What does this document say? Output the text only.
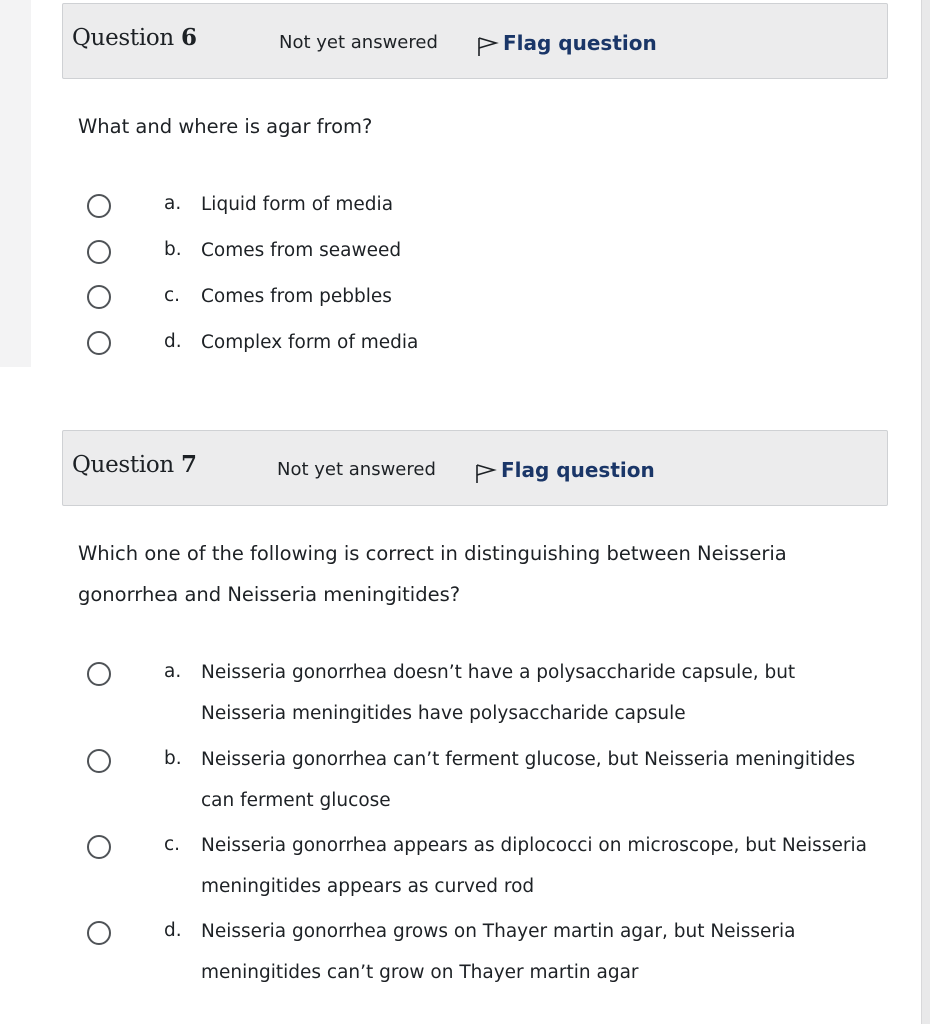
Question 6	Not yet answered	Flag question
What and where is agar from?
a. Liquid form of media
b. Comes from seaweed
c. Comes from pebbles
d. Complex form of media
Question 7	Not yet answered	Flag question
Which one of the following is correct in distinguishing between Neisseria gonorrhea and Neisseria meningitides?
a. Neisseria gonorrhea doesn’t have a polysaccharide capsule, but Neisseria meningitides have polysaccharide capsule
b. Neisseria gonorrhea can’t ferment glucose, but Neisseria meningitides can ferment glucose
c. Neisseria gonorrhea appears as diplococci on microscope, but Neisseria meningitides appears as curved rod
d. Neisseria gonorrhea grows on Thayer martin agar, but Neisseria meningitides can’t grow on Thayer martin agar
